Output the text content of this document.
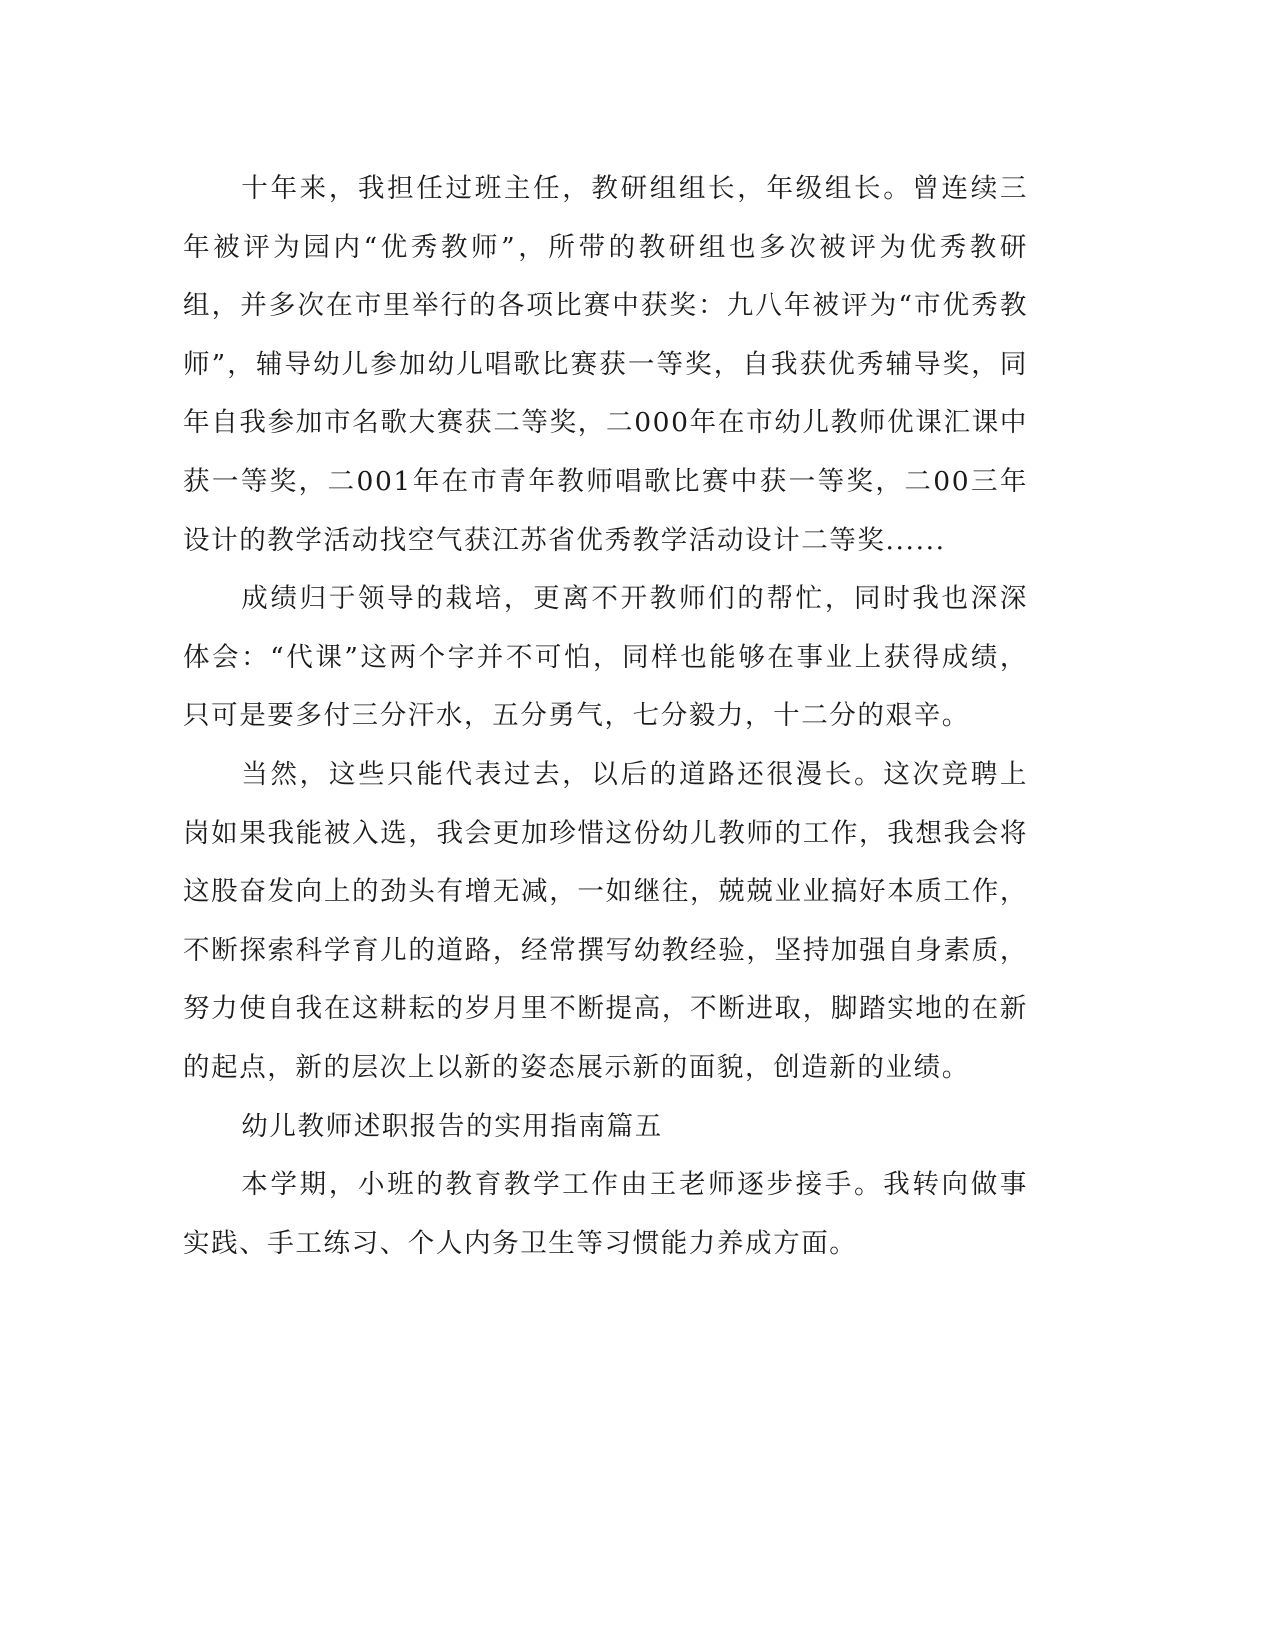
十年来，我担任过班主任，教研组组长，年级组长。曾连续三年被评为园内“优秀教师”，所带的教研组也多次被评为优秀教研组，并多次在市里举行的各项比赛中获奖：九八年被评为“市优秀教师”，辅导幼儿参加幼儿唱歌比赛获一等奖，自我获优秀辅导奖，同年自我参加市名歌大赛获二等奖，二000年在市幼儿教师优课汇课中获一等奖，二001年在市青年教师唱歌比赛中获一等奖，二00三年设计的教学活动找空气获江苏省优秀教学活动设计二等奖......

成绩归于领导的栽培，更离不开教师们的帮忙，同时我也深深体会：“代课”这两个字并不可怕，同样也能够在事业上获得成绩，只可是要多付三分汗水，五分勇气，七分毅力，十二分的艰辛。

当然，这些只能代表过去，以后的道路还很漫长。这次竞聘上岗如果我能被入选，我会更加珍惜这份幼儿教师的工作，我想我会将这股奋发向上的劲头有增无减，一如继往，兢兢业业搞好本质工作，不断探索科学育儿的道路，经常撰写幼教经验，坚持加强自身素质，努力使自我在这耕耘的岁月里不断提高，不断进取，脚踏实地的在新的起点，新的层次上以新的姿态展示新的面貌，创造新的业绩。

幼儿教师述职报告的实用指南篇五

本学期，小班的教育教学工作由王老师逐步接手。我转向做事实践、手工练习、个人内务卫生等习惯能力养成方面。
